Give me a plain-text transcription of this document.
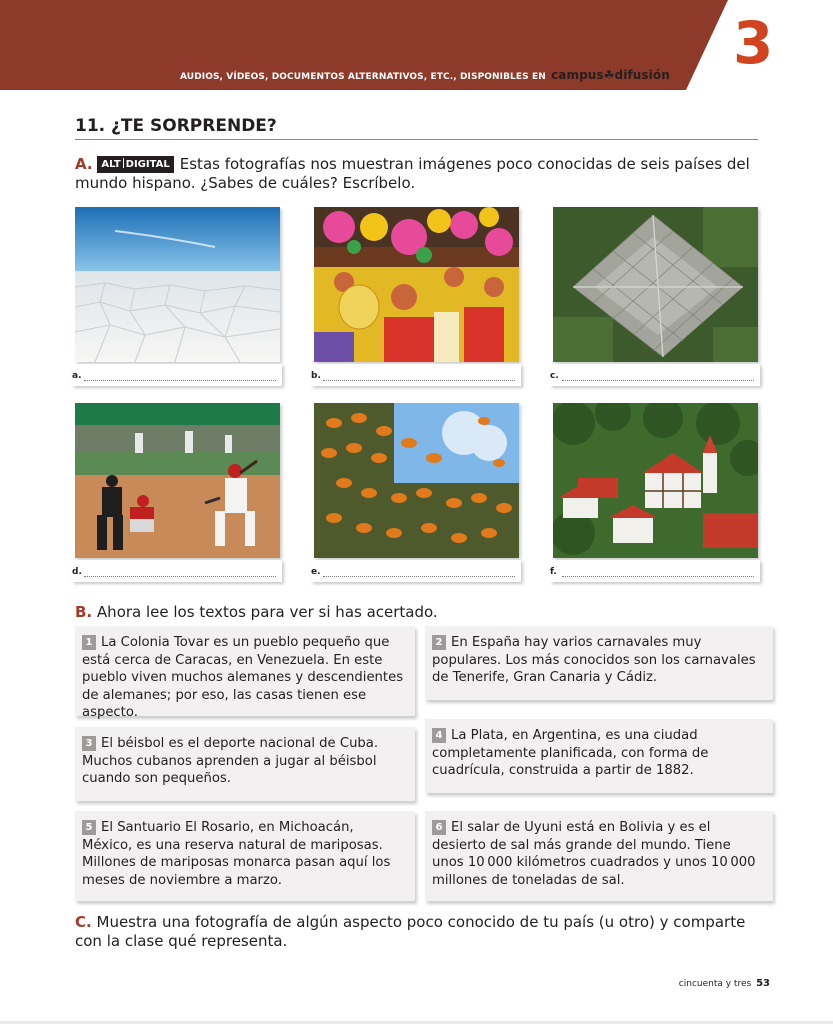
AUDIOS, VÍDEOS, DOCUMENTOS ALTERNATIVOS, ETC., DISPONIBLES EN campus☘difusión 3
11. ¿TE SORPRENDE?
A. ALT DIGITAL Estas fotografías nos muestran imágenes poco conocidas de seis países del mundo hispano. ¿Sabes de cuáles? Escríbelo.
a.	b.	c.
d.	e.	f.
B. Ahora lee los textos para ver si has acertado.
1 La Colonia Tovar es un pueblo pequeño que está cerca de Caracas, en Venezuela. En este pueblo viven muchos alemanes y descendientes de alemanes; por eso, las casas tienen ese aspecto.
2 En España hay varios carnavales muy populares. Los más conocidos son los carnavales de Tenerife, Gran Canaria y Cádiz.
3 El béisbol es el deporte nacional de Cuba. Muchos cubanos aprenden a jugar al béisbol cuando son pequeños.
4 La Plata, en Argentina, es una ciudad completamente planificada, con forma de cuadrícula, construida a partir de 1882.
5 El Santuario El Rosario, en Michoacán, México, es una reserva natural de mariposas. Millones de mariposas monarca pasan aquí los meses de noviembre a marzo.
6 El salar de Uyuni está en Bolivia y es el desierto de sal más grande del mundo. Tiene unos 10 000 kilómetros cuadrados y unos 10 000 millones de toneladas de sal.
C. Muestra una fotografía de algún aspecto poco conocido de tu país (u otro) y comparte con la clase qué representa.
cincuenta y tres 53
